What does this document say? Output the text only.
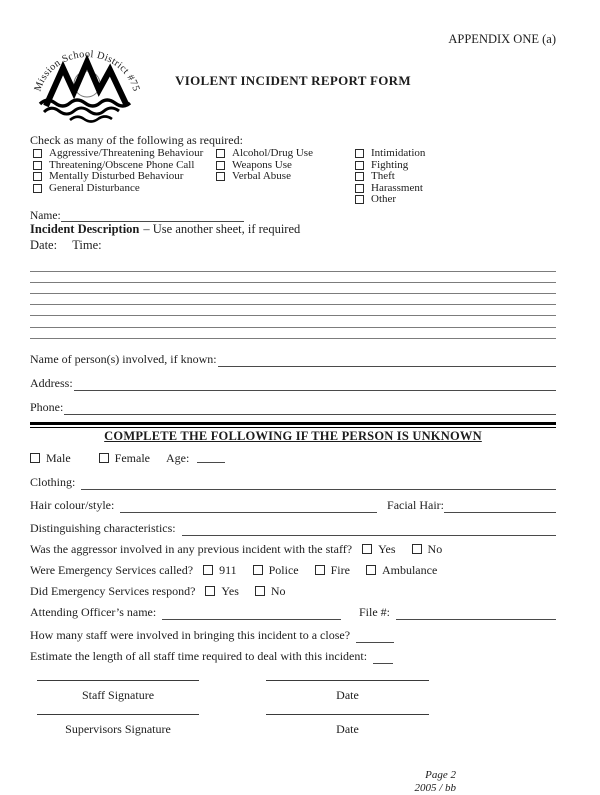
Mission School District #75
APPENDIX ONE (a)
VIOLENT INCIDENT REPORT FORM
Check as many of the following as required:
Aggressive/Threatening Behaviour
Threatening/Obscene Phone Call
Mentally Disturbed Behaviour
General Disturbance
Alcohol/Drug Use
Weapons Use
Verbal Abuse
Intimidation
Fighting
Theft
Harassment
Other
Name:
Incident Description – Use another sheet, if required
Date: Time:
Name of person(s) involved, if known:
Address:
Phone:
COMPLETE THE FOLLOWING IF THE PERSON IS UNKNOWN
Male	Female Age:
Clothing:
Hair colour/style:	Facial Hair:
Distinguishing characteristics:
Was the aggressor involved in any previous incident with the staff? Yes	No
Were Emergency Services called? 911	Police	Fire	Ambulance
Did Emergency Services respond? Yes	No
Attending Officer’s name:	File #:
How many staff were involved in bringing this incident to a close?
Estimate the length of all staff time required to deal with this incident:
Staff Signature	Date
Supervisors Signature	Date
Page 2
2005 / bb
